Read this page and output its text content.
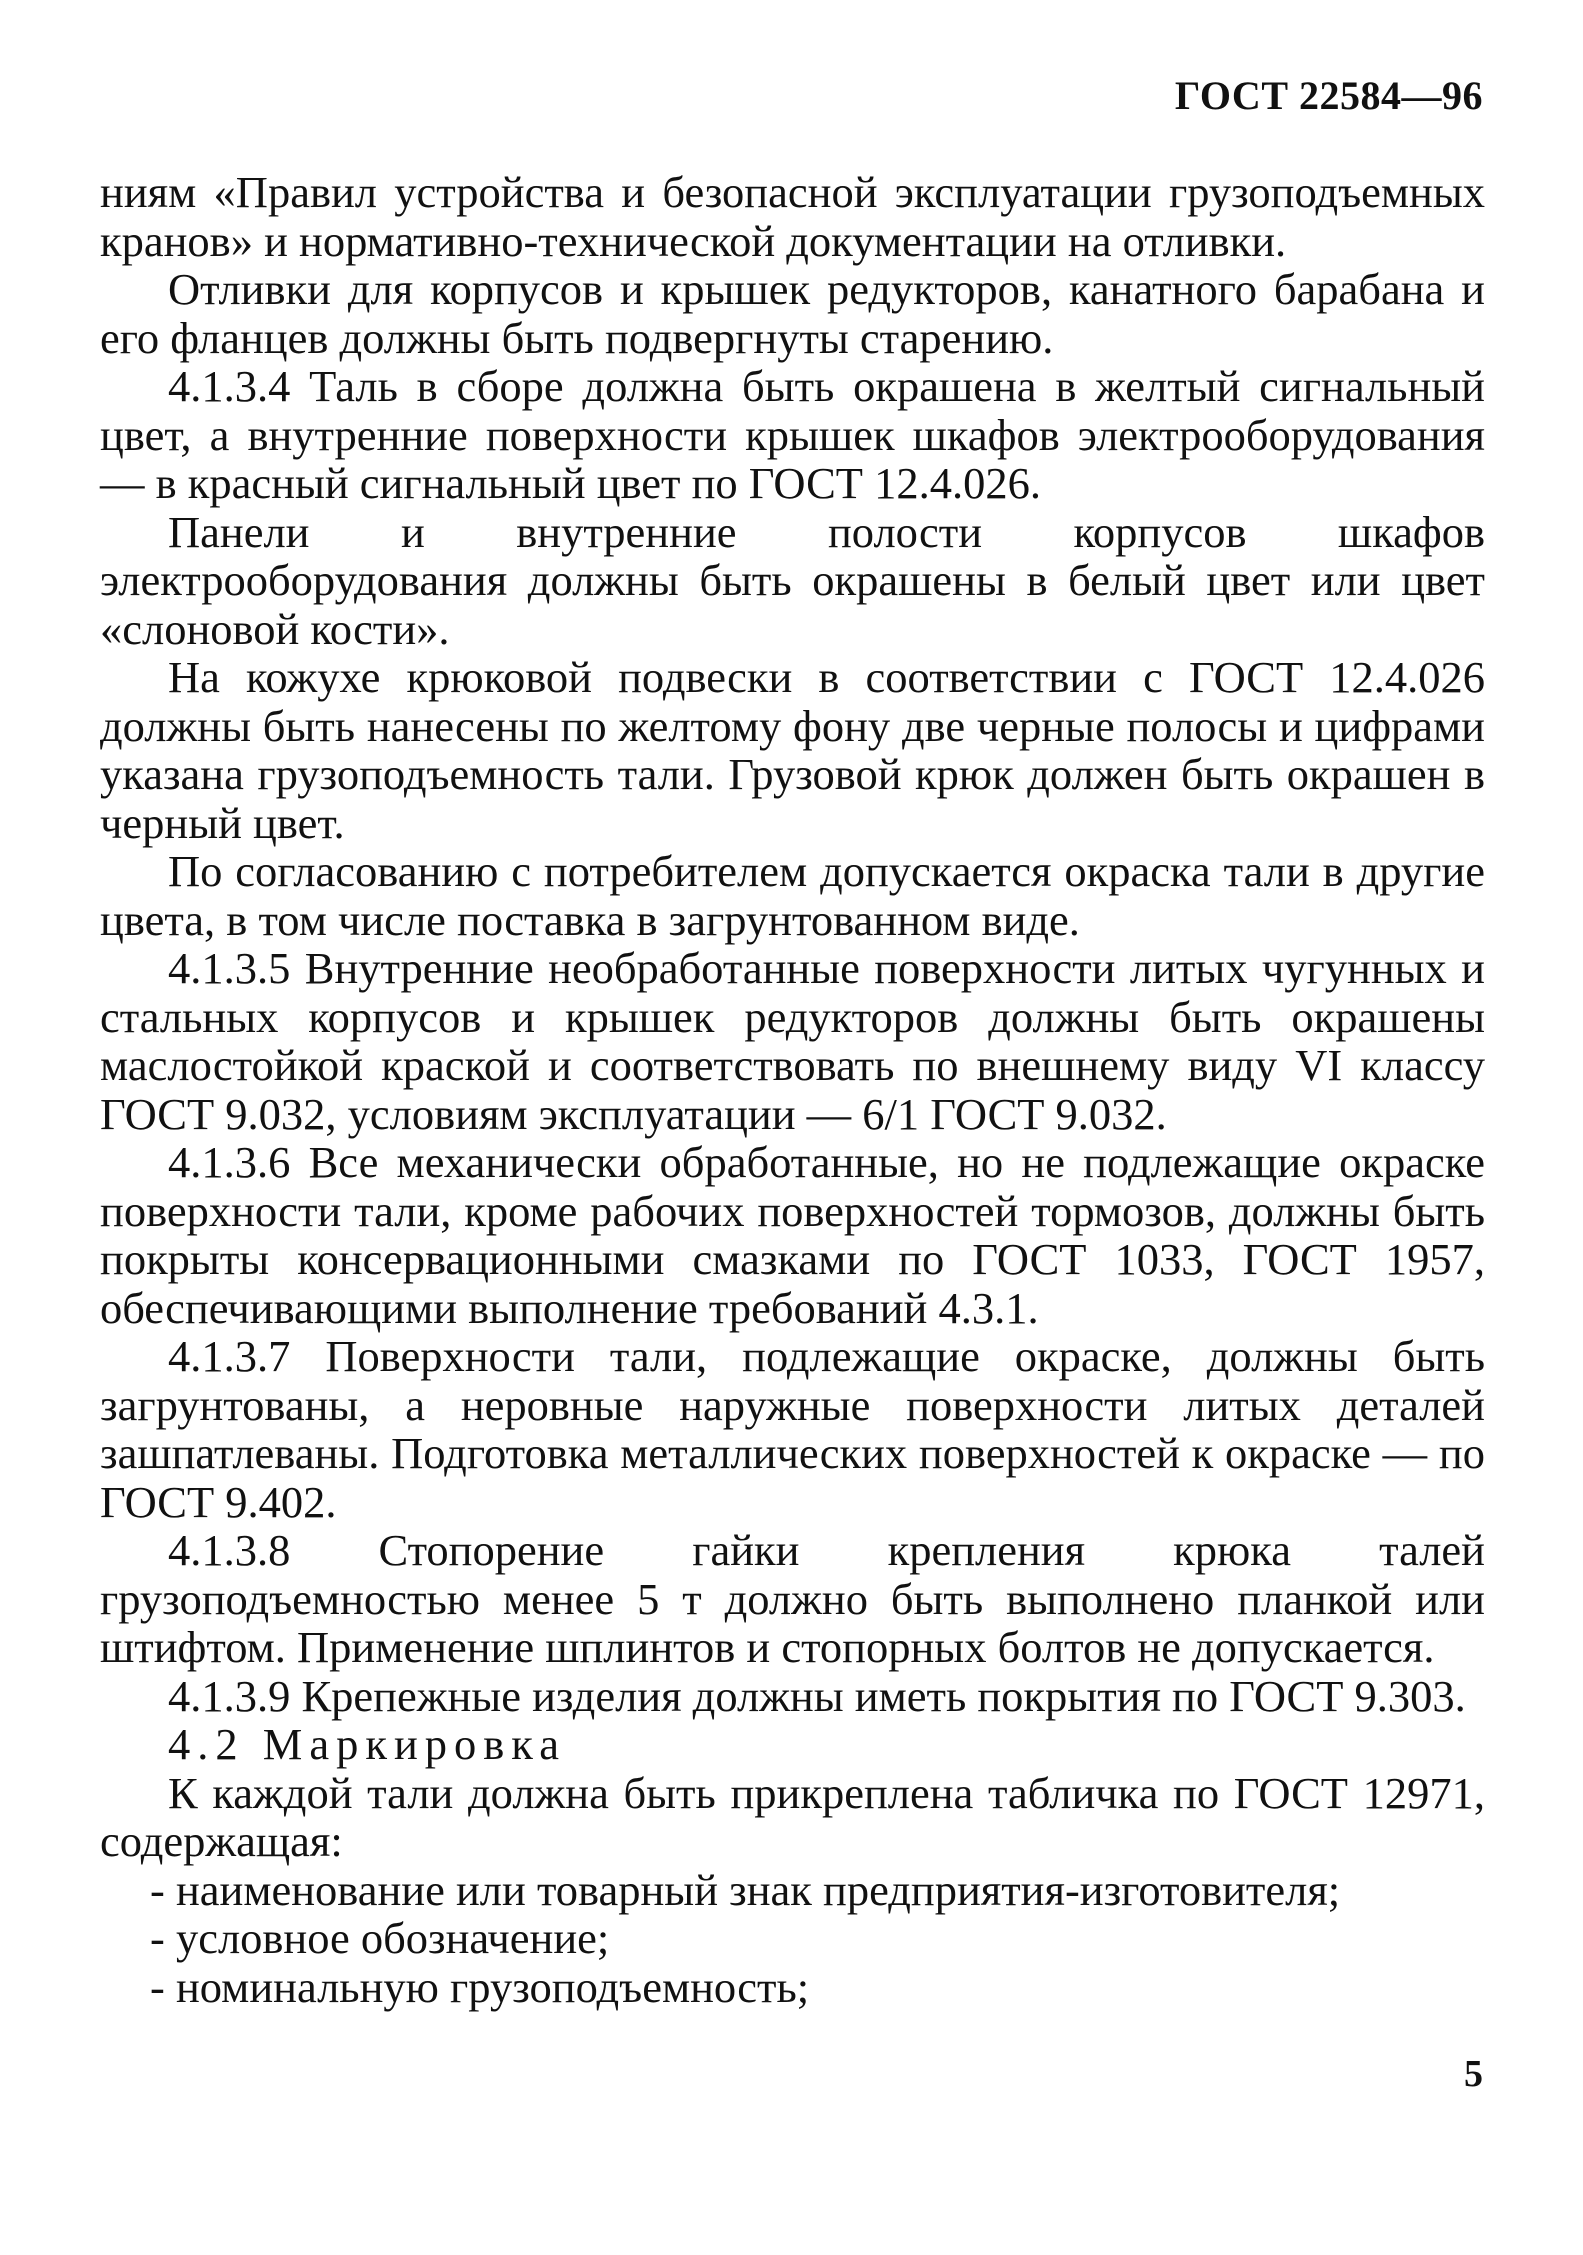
ГОСТ 22584—96

ниям «Правил устройства и безопасной эксплуатации грузоподъемных кранов» и нормативно-технической документации на отливки.

Отливки для корпусов и крышек редукторов, канатного барабана и его фланцев должны быть подвергнуты старению.

4.1.3.4 Таль в сборе должна быть окрашена в желтый сигнальный цвет, а внутренние поверхности крышек шкафов электрооборудования — в красный сигнальный цвет по ГОСТ 12.4.026.

Панели и внутренние полости корпусов шкафов электрооборудования должны быть окрашены в белый цвет или цвет «слоновой кости».

На кожухе крюковой подвески в соответствии с ГОСТ 12.4.026 должны быть нанесены по желтому фону две черные полосы и цифрами указана грузоподъемность тали. Грузовой крюк должен быть окрашен в черный цвет.

По согласованию с потребителем допускается окраска тали в другие цвета, в том числе поставка в загрунтованном виде.

4.1.3.5 Внутренние необработанные поверхности литых чугунных и стальных корпусов и крышек редукторов должны быть окрашены маслостойкой краской и соответствовать по внешнему виду VI классу ГОСТ 9.032, условиям эксплуатации — 6/1 ГОСТ 9.032.

4.1.3.6 Все механически обработанные, но не подлежащие окраске поверхности тали, кроме рабочих поверхностей тормозов, должны быть покрыты консервационными смазками по ГОСТ 1033, ГОСТ 1957, обеспечивающими выполнение требований 4.3.1.

4.1.3.7 Поверхности тали, подлежащие окраске, должны быть загрунтованы, а неровные наружные поверхности литых деталей зашпатлеваны. Подготовка металлических поверхностей к окраске — по ГОСТ 9.402.

4.1.3.8 Стопорение гайки крепления крюка талей грузоподъемностью менее 5 т должно быть выполнено планкой или штифтом. Применение шплинтов и стопорных болтов не допускается.

4.1.3.9 Крепежные изделия должны иметь покрытия по ГОСТ 9.303.

4.2 Маркировка

К каждой тали должна быть прикреплена табличка по ГОСТ 12971, содержащая:

- наименование или товарный знак предприятия-изготовителя;
- условное обозначение;
- номинальную грузоподъемность;
5
